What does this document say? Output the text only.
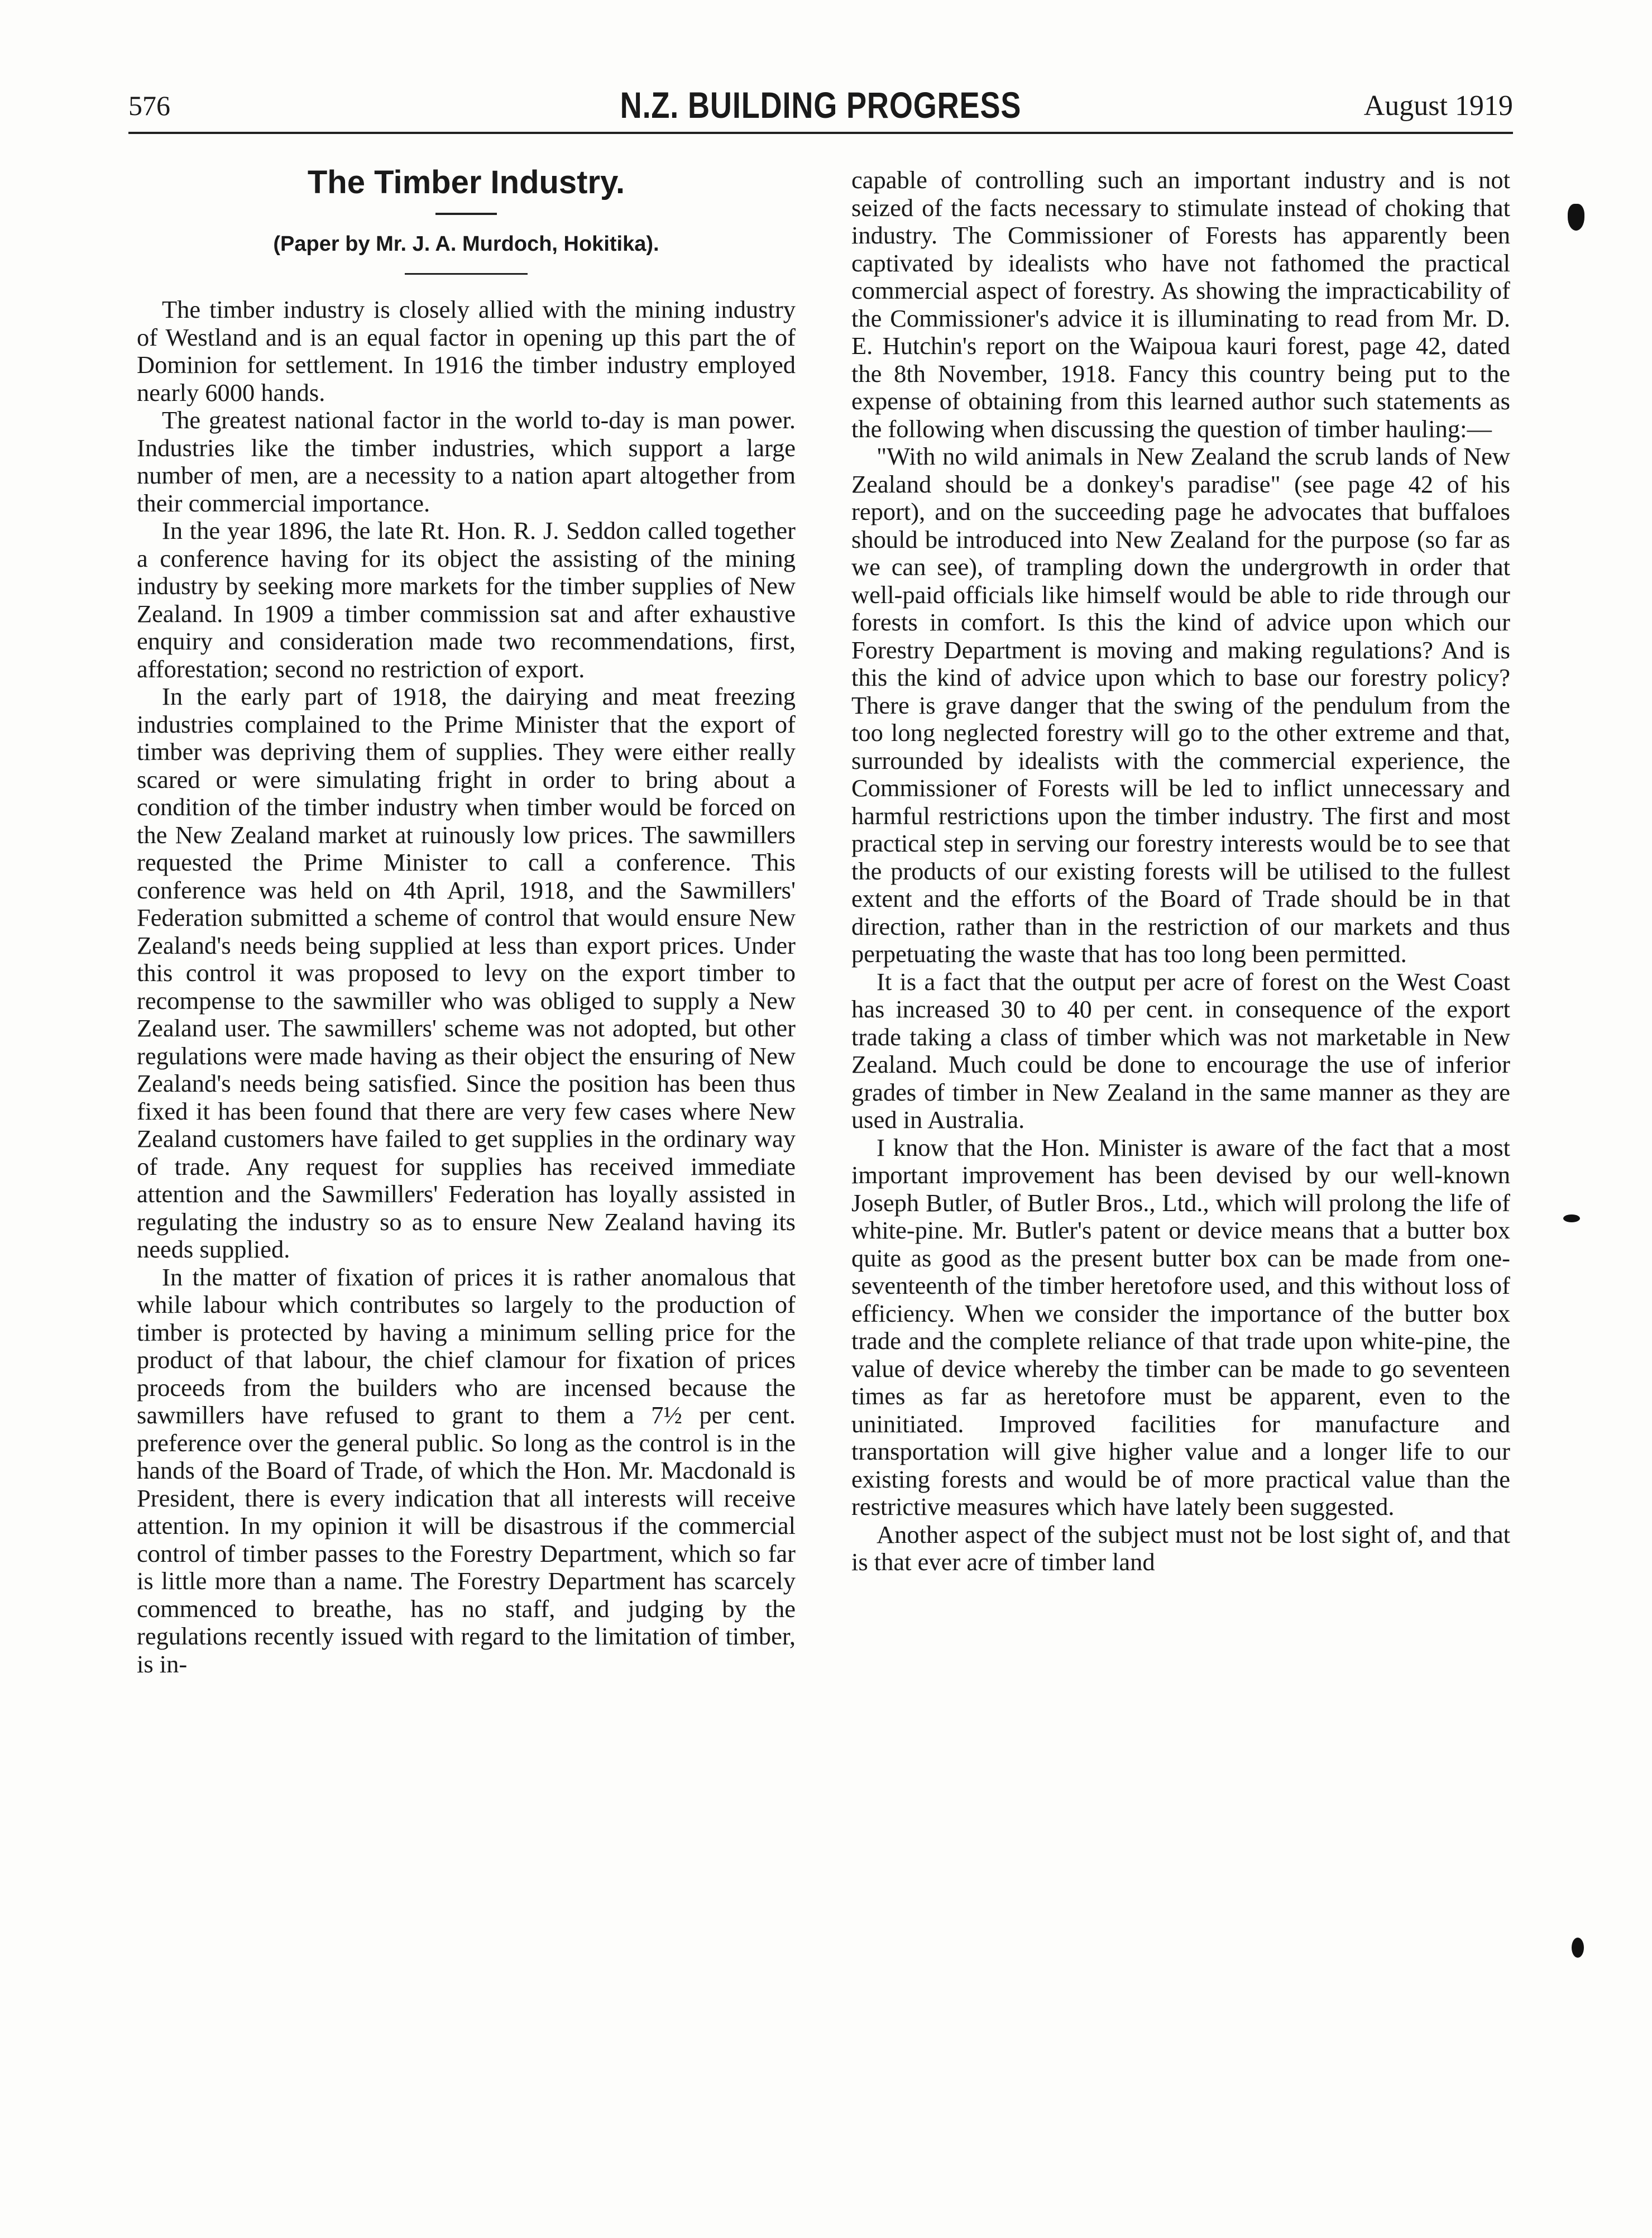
576	N.Z. BUILDING PROGRESS	August 1919
The Timber Industry.
(Paper by Mr. J. A. Murdoch, Hokitika).

The timber industry is closely allied with the mining industry of Westland and is an equal factor in opening up this part the of Dominion for settlement. In 1916 the timber industry employed nearly 6000 hands.

The greatest national factor in the world to-day is man power. Industries like the timber industries, which support a large number of men, are a necessity to a nation apart altogether from their commercial importance.

In the year 1896, the late Rt. Hon. R. J. Seddon called together a conference having for its object the assisting of the mining industry by seeking more markets for the timber supplies of New Zealand. In 1909 a timber commission sat and after exhaustive enquiry and consideration made two recommendations, first, afforestation; second no restriction of export.

In the early part of 1918, the dairying and meat freezing industries complained to the Prime Minister that the export of timber was depriving them of supplies. They were either really scared or were simulating fright in order to bring about a condition of the timber industry when timber would be forced on the New Zealand market at ruinously low prices. The sawmillers requested the Prime Minister to call a conference. This conference was held on 4th April, 1918, and the Sawmillers' Federation submitted a scheme of control that would ensure New Zealand's needs being supplied at less than export prices. Under this control it was proposed to levy on the export timber to recompense to the sawmiller who was obliged to supply a New Zealand user. The sawmillers' scheme was not adopted, but other regulations were made having as their object the ensuring of New Zealand's needs being satisfied. Since the position has been thus fixed it has been found that there are very few cases where New Zealand customers have failed to get supplies in the ordinary way of trade. Any request for supplies has received immediate attention and the Sawmillers' Federation has loyally assisted in regulating the industry so as to ensure New Zealand having its needs supplied.

In the matter of fixation of prices it is rather anomalous that while labour which contributes so largely to the production of timber is protected by having a minimum selling price for the product of that labour, the chief clamour for fixation of prices proceeds from the builders who are incensed because the sawmillers have refused to grant to them a 7½ per cent. preference over the general public. So long as the control is in the hands of the Board of Trade, of which the Hon. Mr. Macdonald is President, there is every indication that all interests will receive attention. In my opinion it will be disastrous if the commercial control of timber passes to the Forestry Department, which so far is little more than a name. The Forestry Department has scarcely commenced to breathe, has no staff, and judging by the regulations recently issued with regard to the limitation of timber, is in-

capable of controlling such an important industry and is not seized of the facts necessary to stimulate instead of choking that industry. The Commissioner of Forests has apparently been captivated by idealists who have not fathomed the practical commercial aspect of forestry. As showing the impracticability of the Commissioner's advice it is illuminating to read from Mr. D. E. Hutchin's report on the Waipoua kauri forest, page 42, dated the 8th November, 1918. Fancy this country being put to the expense of obtaining from this learned author such statements as the following when discussing the question of timber hauling:—

"With no wild animals in New Zealand the scrub lands of New Zealand should be a donkey's paradise" (see page 42 of his report), and on the succeeding page he advocates that buffaloes should be introduced into New Zealand for the purpose (so far as we can see), of trampling down the undergrowth in order that well-paid officials like himself would be able to ride through our forests in comfort. Is this the kind of advice upon which our Forestry Department is moving and making regulations? And is this the kind of advice upon which to base our forestry policy? There is grave danger that the swing of the pendulum from the too long neglected forestry will go to the other extreme and that, surrounded by idealists with the commercial experience, the Commissioner of Forests will be led to inflict unnecessary and harmful restrictions upon the timber industry. The first and most practical step in serving our forestry interests would be to see that the products of our existing forests will be utilised to the fullest extent and the efforts of the Board of Trade should be in that direction, rather than in the restriction of our markets and thus perpetuating the waste that has too long been permitted.

It is a fact that the output per acre of forest on the West Coast has increased 30 to 40 per cent. in consequence of the export trade taking a class of timber which was not marketable in New Zealand. Much could be done to encourage the use of inferior grades of timber in New Zealand in the same manner as they are used in Australia.

I know that the Hon. Minister is aware of the fact that a most important improvement has been devised by our well-known Joseph Butler, of Butler Bros., Ltd., which will prolong the life of white-pine. Mr. Butler's patent or device means that a butter box quite as good as the present butter box can be made from one-seventeenth of the timber heretofore used, and this without loss of efficiency. When we consider the importance of the butter box trade and the complete reliance of that trade upon white-pine, the value of device whereby the timber can be made to go seventeen times as far as heretofore must be apparent, even to the uninitiated. Improved facilities for manufacture and transportation will give higher value and a longer life to our existing forests and would be of more practical value than the restrictive measures which have lately been suggested.

Another aspect of the subject must not be lost sight of, and that is that ever acre of timber land
